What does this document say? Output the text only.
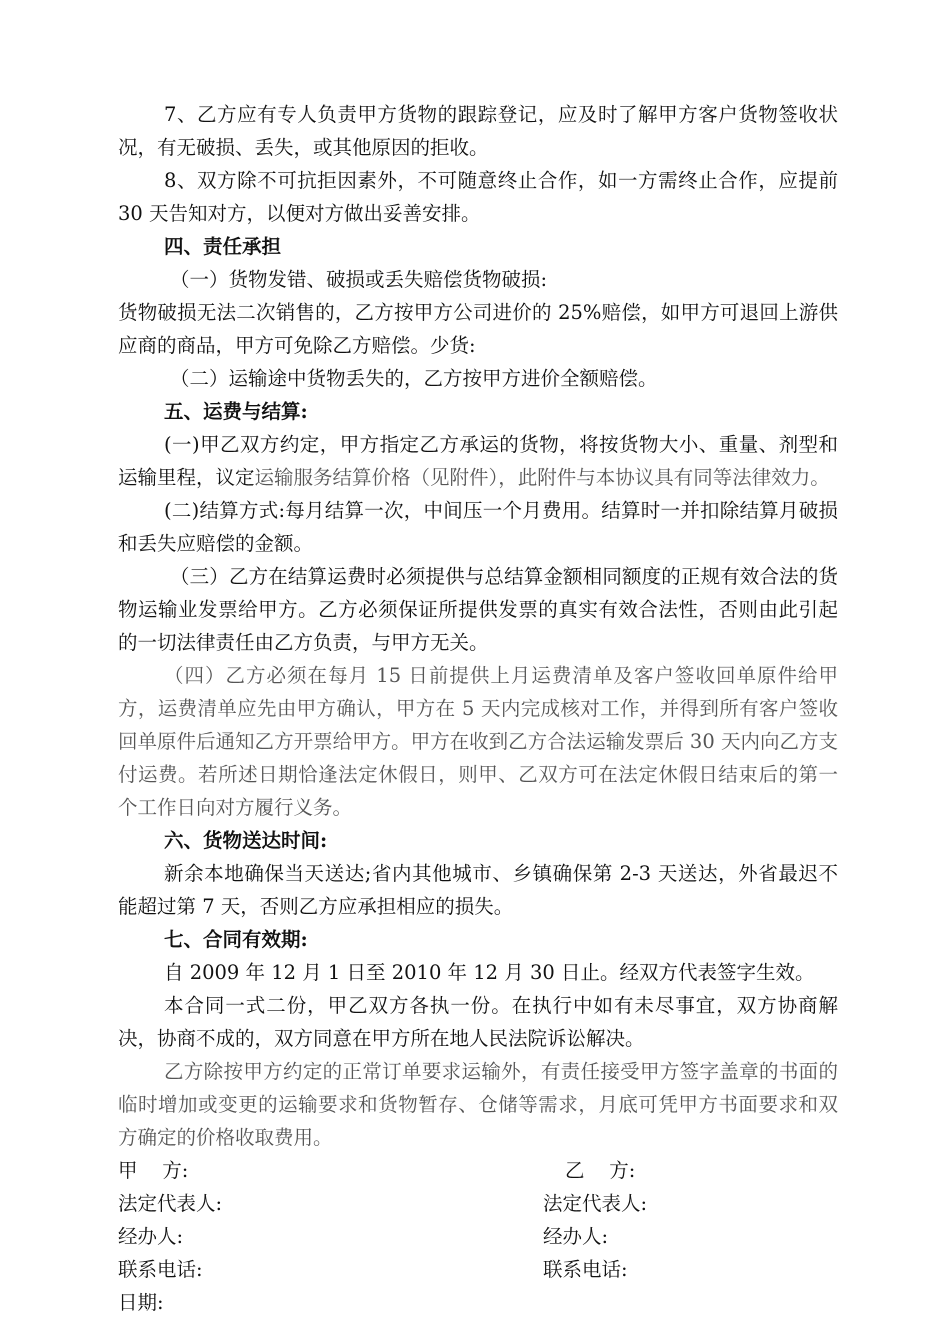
7、乙方应有专人负责甲方货物的跟踪登记，应及时了解甲方客户货物签收状况，有无破损、丢失，或其他原因的拒收。

8、双方除不可抗拒因素外，不可随意终止合作，如一方需终止合作，应提前 30 天告知对方，以便对方做出妥善安排。

四、责任承担

（一）货物发错、破损或丢失赔偿货物破损:

货物破损无法二次销售的，乙方按甲方公司进价的 25%赔偿，如甲方可退回上游供应商的商品，甲方可免除乙方赔偿。少货:

（二）运输途中货物丢失的，乙方按甲方进价全额赔偿。

五、运费与结算:

(一)甲乙双方约定，甲方指定乙方承运的货物，将按货物大小、重量、剂型和运输里程，议定运输服务结算价格（见附件），此附件与本协议具有同等法律效力。

(二)结算方式:每月结算一次，中间压一个月费用。结算时一并扣除结算月破损和丢失应赔偿的金额。

（三）乙方在结算运费时必须提供与总结算金额相同额度的正规有效合法的货物运输业发票给甲方。乙方必须保证所提供发票的真实有效合法性，否则由此引起的一切法律责任由乙方负责，与甲方无关。

（四）乙方必须在每月 15 日前提供上月运费清单及客户签收回单原件给甲方，运费清单应先由甲方确认，甲方在 5 天内完成核对工作，并得到所有客户签收回单原件后通知乙方开票给甲方。甲方在收到乙方合法运输发票后 30 天内向乙方支付运费。若所述日期恰逢法定休假日，则甲、乙双方可在法定休假日结束后的第一个工作日向对方履行义务。

六、货物送达时间:

新余本地确保当天送达;省内其他城市、乡镇确保第 2-3 天送达，外省最迟不能超过第 7 天，否则乙方应承担相应的损失。

七、合同有效期:

自 2009 年 12 月 1 日至 2010 年 12 月 30 日止。经双方代表签字生效。

本合同一式二份，甲乙双方各执一份。在执行中如有未尽事宜，双方协商解决，协商不成的，双方同意在甲方所在地人民法院诉讼解决。

乙方除按甲方约定的正常订单要求运输外，有责任接受甲方签字盖章的书面的临时增加或变更的运输要求和货物暂存、仓储等需求，月底可凭甲方书面要求和双方确定的价格收取费用。

甲    方:	乙    方:
法定代表人:	法定代表人:
经办人:	经办人:
联系电话:	联系电话:
日期:
